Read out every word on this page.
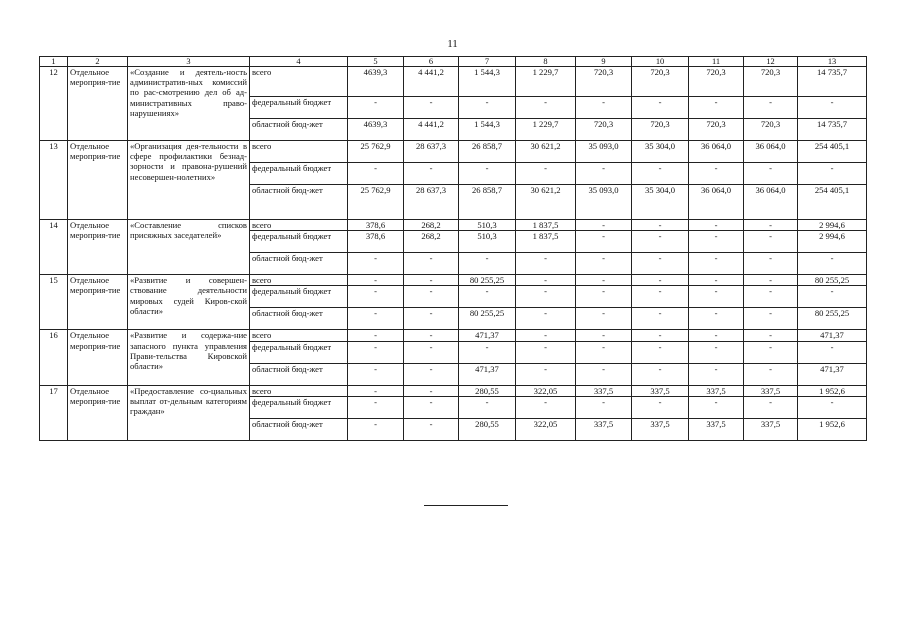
11
1	2	3	4	5	6	7	8	9	10	11	12	13
12	Отдельное мероприя-тие	«Создание и деятель-ность административ-ных комиссий по рас-смотрению дел об ад-министративных право-нарушениях»	всего	4639,3	4 441,2	1 544,3	1 229,7	720,3	720,3	720,3	720,3	14 735,7
			федеральный бюджет	-	-	-	-	-	-	-	-	-
			областной бюд-жет	4639,3	4 441,2	1 544,3	1 229,7	720,3	720,3	720,3	720,3	14 735,7
13	Отдельное мероприя-тие	«Организация дея-тельности в сфере профилактики безнад-зорности и правона-рушений несовершен-нолетних»	всего	25 762,9	28 637,3	26 858,7	30 621,2	35 093,0	35 304,0	36 064,0	36 064,0	254 405,1
			федеральный бюджет	-	-	-	-	-	-	-	-	-
			областной бюд-жет	25 762,9	28 637,3	26 858,7	30 621,2	35 093,0	35 304,0	36 064,0	36 064,0	254 405,1
14	Отдельное мероприя-тие	«Составление списков присяжных заседателей»	всего	378,6	268,2	510,3	1 837,5	-	-	-	-	2 994,6
			федеральный бюджет	378,6	268,2	510,3	1 837,5	-	-	-	-	2 994,6
			областной бюд-жет	-	-	-	-	-	-	-	-	-
15	Отдельное мероприя-тие	«Развитие и совершен-ствование деятельности мировых судей Киров-ской области»	всего	-	-	80 255,25	-	-	-	-	-	80 255,25
			федеральный бюджет	-	-	-	-	-	-	-	-	-
			областной бюд-жет	-	-	80 255,25	-	-	-	-	-	80 255,25
16	Отдельное мероприя-тие	«Развитие и содержа-ние запасного пункта управления Прави-тельства Кировской области»	всего	-	-	471,37	-	-	-	-	-	471,37
			федеральный бюджет	-	-	-	-	-	-	-	-	-
			областной бюд-жет	-	-	471,37	-	-	-	-	-	471,37
17	Отдельное мероприя-тие	«Предоставление со-циальных выплат от-дельным категориям граждан»	всего	-	-	280,55	322,05	337,5	337,5	337,5	337,5	1 952,6
			федеральный бюджет	-	-	-	-	-	-	-	-	-
			областной бюд-жет	-	-	280,55	322,05	337,5	337,5	337,5	337,5	1 952,6
